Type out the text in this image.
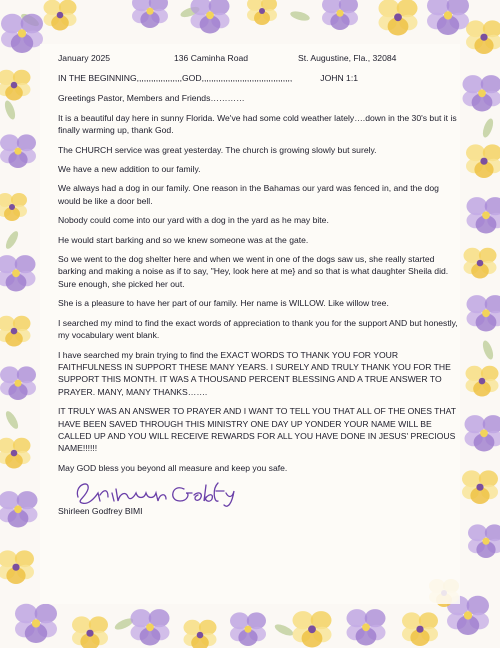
January 2025	136 Caminha Road	St. Augustine, Fla., 32084
IN THE BEGINNING,,,,,,,,,,,,,,,,,,,GOD,,,,,,,,,,,,,,,,,,,,,,,,,,,,,,,,,,,,,,	JOHN 1:1

Greetings Pastor, Members and Friends…………

It is a beautiful day here in sunny Florida. We've had some cold weather lately….down in the 30's but it is finally warming up, thank God.

The CHURCH service was great yesterday. The church is growing slowly but surely.

We have a new addition to our family.

We always had a dog in our family. One reason in the Bahamas our yard was fenced in, and the dog would be like a door bell.

Nobody could come into our yard with a dog in the yard as he may bite.

He would start barking and so we knew someone was at the gate.

So we went to the dog shelter here and when we went in one of the dogs saw us, she really started barking and making a noise as if to say, "Hey, look here at me} and so that is what daughter Sheila did. Sure enough, she picked her out.

She is a pleasure to have her part of our family. Her name is WILLOW. Like willow tree.

I searched my mind to find the exact words of appreciation to thank you for the support AND but honestly, my vocabulary went blank.

I have searched my brain trying to find the EXACT WORDS TO THANK YOU FOR YOUR FAITHFULNESS IN SUPPORT THESE MANY YEARS. I SURELY AND TRULY THANK YOU FOR THE SUPPORT THIS MONTH. IT WAS A THOUSAND PERCENT BLESSING AND A TRUE ANSWER TO PRAYER. MANY, MANY THANKS…….

IT TRULY WAS AN ANSWER TO PRAYER AND I WANT TO TELL YOU THAT ALL OF THE ONES THAT HAVE BEEN SAVED THROUGH THIS MINISTRY ONE DAY UP YONDER YOUR NAME WILL BE CALLED UP AND YOU WILL RECEIVE REWARDS FOR ALL YOU HAVE DONE IN JESUS' PRECIOUS NAME!!!!!!

May GOD bless you beyond all measure and keep you safe.

Shirleen Godfrey BIMI
